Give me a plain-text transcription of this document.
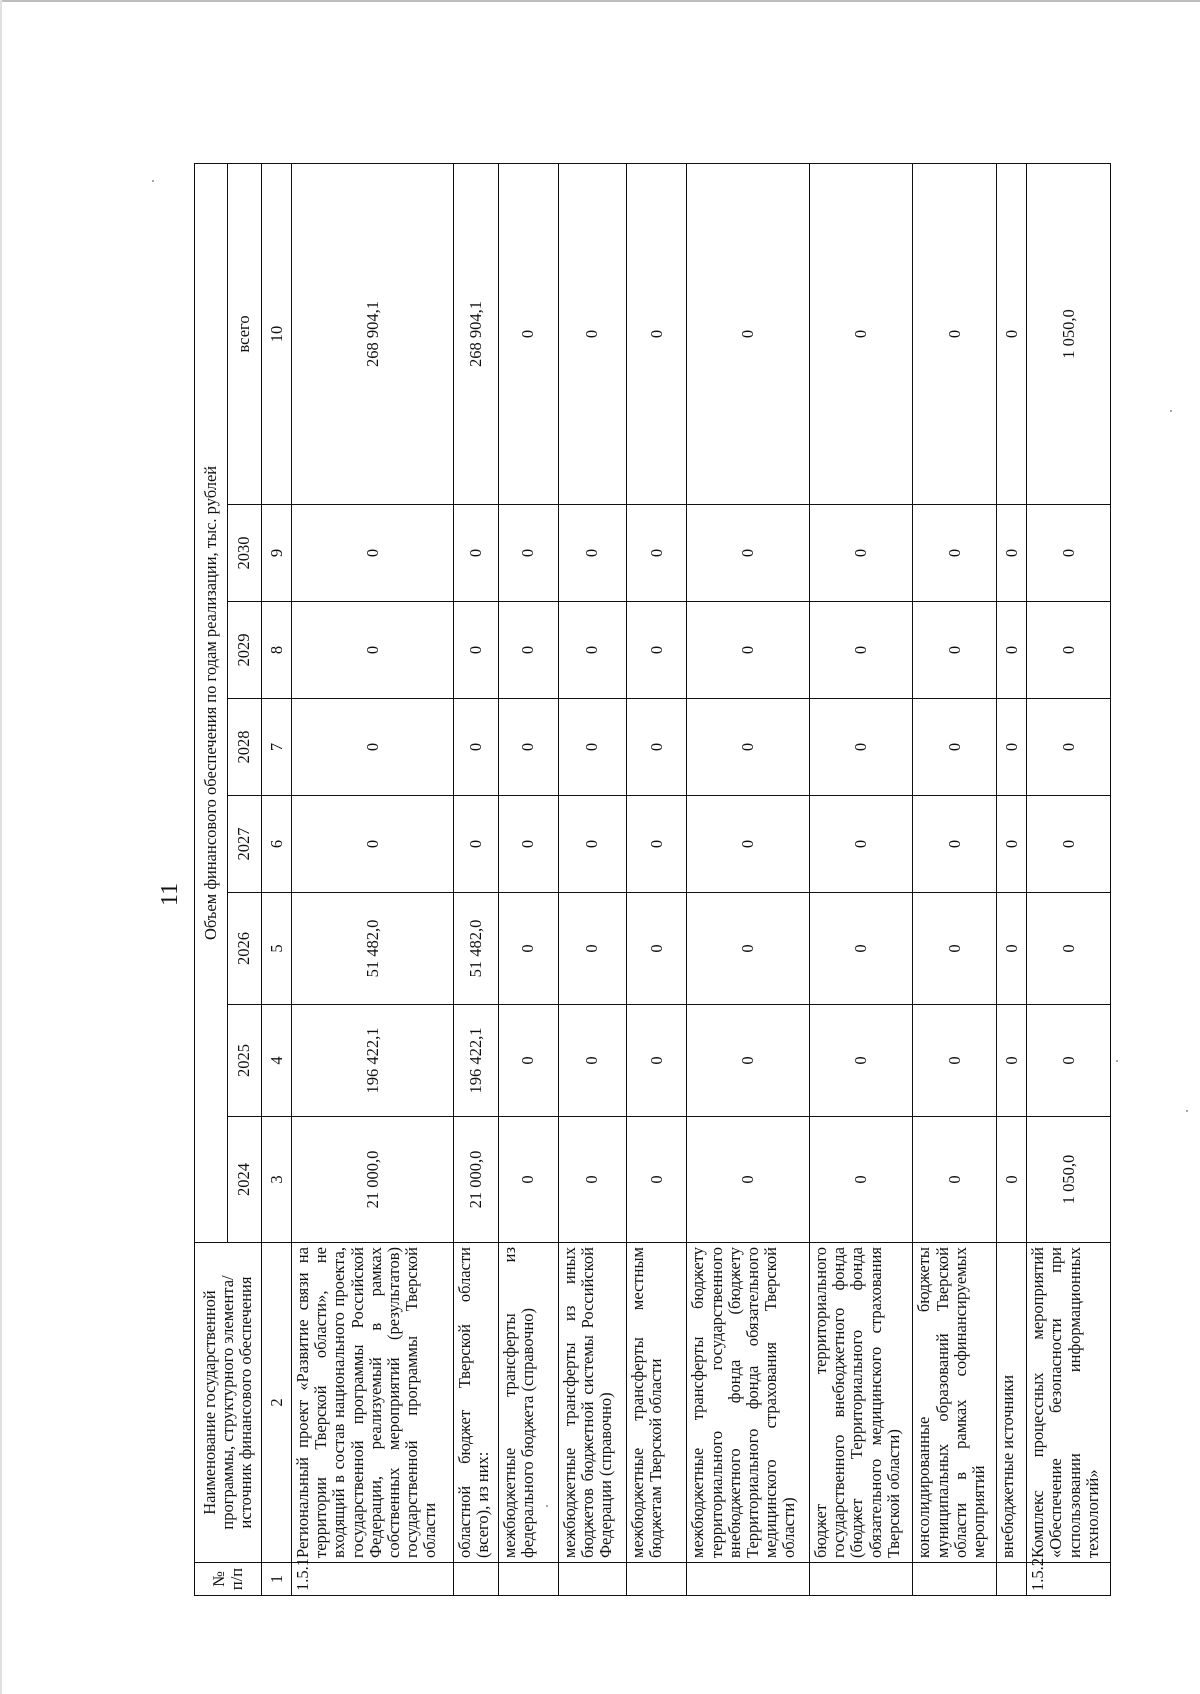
11
№ п/п	Наименование государственной программы, структурного элемента/источник финансового обеспечения	Объем финансового обеспечения по годам реализации, тыс. рублей							
		2024	2025	2026	2027	2028	2029	2030	всего
1	2	3	4	5	6	7	8	9	10
1.5.1	Региональный проект «Развитие связи на территории Тверской области», не входящий в состав национального проекта, государственной программы Российской Федерации, реализуемый в рамках собственных мероприятий (результатов) государственной программы Тверской области	21 000,0	196 422,1	51 482,0	0	0	0	0	268 904,1
	областной бюджет Тверской области (всего), из них:	21 000,0	196 422,1	51 482,0	0	0	0	0	268 904,1
	межбюджетные трансферты из федерального бюджета (справочно)	0	0	0	0	0	0	0	0
	межбюджетные трансферты из иных бюджетов бюджетной системы Российской Федерации (справочно)	0	0	0	0	0	0	0	0
	межбюджетные трансферты местным бюджетам Тверской области	0	0	0	0	0	0	0	0
	межбюджетные трансферты бюджету территориального государственного внебюджетного фонда (бюджету Территориального фонда обязательного медицинского страхования Тверской области)	0	0	0	0	0	0	0	0
	бюджет территориального государственного внебюджетного фонда (бюджет Территориального фонда обязательного медицинского страхования Тверской области)	0	0	0	0	0	0	0	0
	консолидированные бюджеты муниципальных образований Тверской области в рамках софинансируемых мероприятий	0	0	0	0	0	0	0	0
	внебюджетные источники	0	0	0	0	0	0	0	0
1.5.2	Комплекс процессных мероприятий «Обеспечение безопасности при использовании информационных технологий»	1 050,0	0	0	0	0	0	0	1 050,0
